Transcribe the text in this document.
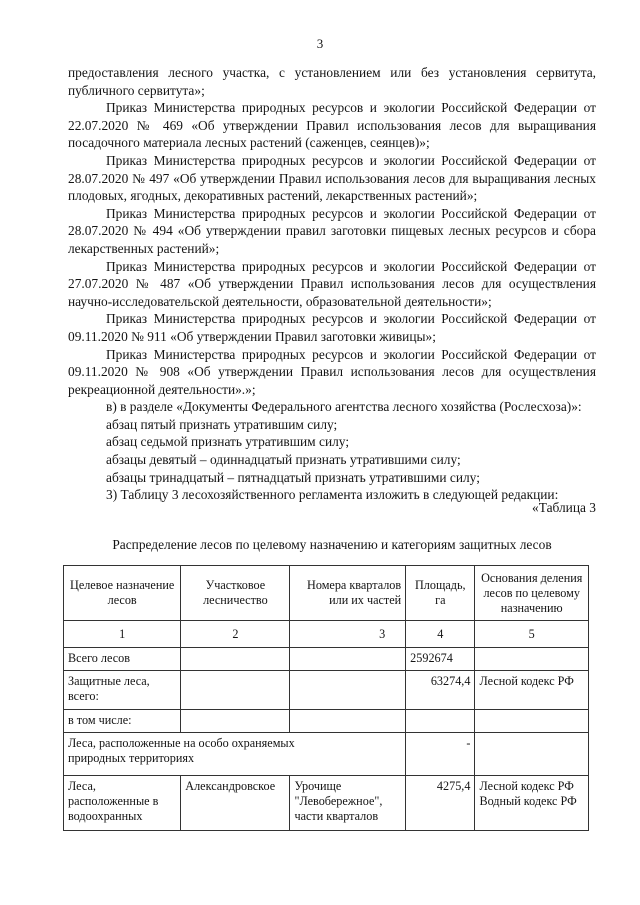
3

предоставления лесного участка, с установлением или без установления сервитута, публичного сервитута»;

Приказ Министерства природных ресурсов и экологии Российской Федерации от 22.07.2020 № 469 «Об утверждении Правил использования лесов для выращивания посадочного материала лесных растений (саженцев, сеянцев)»;

Приказ Министерства природных ресурсов и экологии Российской Федерации от 28.07.2020 № 497 «Об утверждении Правил использования лесов для выращивания лесных плодовых, ягодных, декоративных растений, лекарственных растений»;

Приказ Министерства природных ресурсов и экологии Российской Федерации от 28.07.2020 № 494 «Об утверждении правил заготовки пищевых лесных ресурсов и сбора лекарственных растений»;

Приказ Министерства природных ресурсов и экологии Российской Федерации от 27.07.2020 № 487 «Об утверждении Правил использования лесов для осуществления научно-исследовательской деятельности, образовательной деятельности»;

Приказ Министерства природных ресурсов и экологии Российской Федерации от 09.11.2020 № 911 «Об утверждении Правил заготовки живицы»;

Приказ Министерства природных ресурсов и экологии Российской Федерации от 09.11.2020 № 908 «Об утверждении Правил использования лесов для осуществления рекреационной деятельности».»;

в) в разделе «Документы Федерального агентства лесного хозяйства (Рослесхоза)»:

абзац пятый признать утратившим силу;

абзац седьмой признать утратившим силу;

абзацы девятый – одиннадцатый признать утратившими силу;

абзацы тринадцатый – пятнадцатый признать утратившими силу;

3) Таблицу 3 лесохозяйственного регламента изложить в следующей редакции:

«Таблица 3
Распределение лесов по целевому назначению и категориям защитных лесов
Целевое назначение лесов	Участковое лесничество	Номера кварталов или их частей	Площадь, га	Основания деления лесов по целевому назначению
1	2	3	4	5
Всего лесов			2592674	
Защитные леса, всего:			63274,4	Лесной кодекс РФ
в том числе:				
Леса, расположенные на особо охраняемых природных территориях			-	
Леса, расположенные в водоохранных	Александровское	Урочище "Левобережное", части кварталов	4275,4	Лесной кодекс РФ
Водный кодекс РФ
